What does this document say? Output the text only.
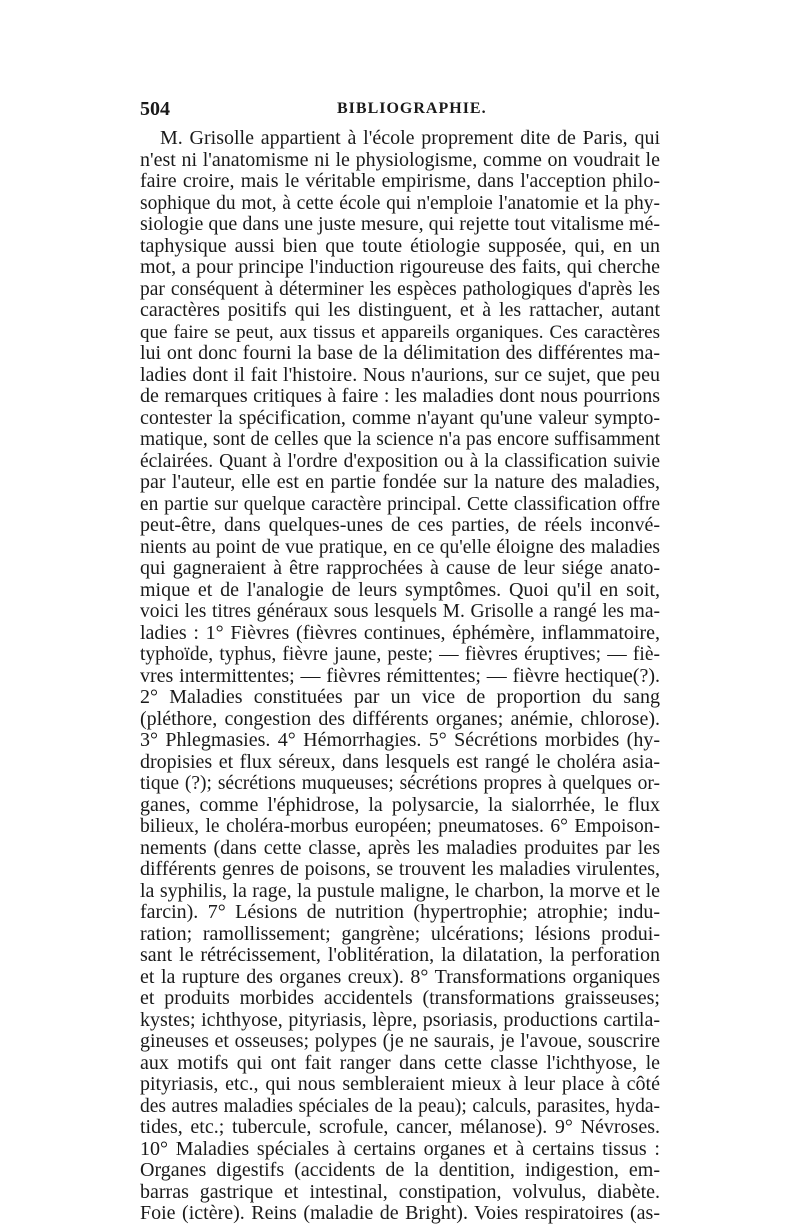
504	BIBLIOGRAPHIE.
M. Grisolle appartient à l'école proprement dite de Paris, qui
n'est ni l'anatomisme ni le physiologisme, comme on voudrait le
faire croire, mais le véritable empirisme, dans l'acception philo-
sophique du mot, à cette école qui n'emploie l'anatomie et la phy-
siologie que dans une juste mesure, qui rejette tout vitalisme mé-
taphysique aussi bien que toute étiologie supposée, qui, en un
mot, a pour principe l'induction rigoureuse des faits, qui cherche
par conséquent à déterminer les espèces pathologiques d'après les
caractères positifs qui les distinguent, et à les rattacher, autant
que faire se peut, aux tissus et appareils organiques. Ces caractères
lui ont donc fourni la base de la délimitation des différentes ma-
ladies dont il fait l'histoire. Nous n'aurions, sur ce sujet, que peu
de remarques critiques à faire : les maladies dont nous pourrions
contester la spécification, comme n'ayant qu'une valeur sympto-
matique, sont de celles que la science n'a pas encore suffisamment
éclairées. Quant à l'ordre d'exposition ou à la classification suivie
par l'auteur, elle est en partie fondée sur la nature des maladies,
en partie sur quelque caractère principal. Cette classification offre
peut-être, dans quelques-unes de ces parties, de réels inconvé-
nients au point de vue pratique, en ce qu'elle éloigne des maladies
qui gagneraient à être rapprochées à cause de leur siége anato-
mique et de l'analogie de leurs symptômes. Quoi qu'il en soit,
voici les titres généraux sous lesquels M. Grisolle a rangé les ma-
ladies : 1° Fièvres (fièvres continues, éphémère, inflammatoire,
typhoïde, typhus, fièvre jaune, peste; — fièvres éruptives; — fiè-
vres intermittentes; — fièvres rémittentes; — fièvre hectique(?).
2° Maladies constituées par un vice de proportion du sang
(pléthore, congestion des différents organes; anémie, chlorose).
3° Phlegmasies. 4° Hémorrhagies. 5° Sécrétions morbides (hy-
dropisies et flux séreux, dans lesquels est rangé le choléra asia-
tique (?); sécrétions muqueuses; sécrétions propres à quelques or-
ganes, comme l'éphidrose, la polysarcie, la sialorrhée, le flux
bilieux, le choléra-morbus européen; pneumatoses. 6° Empoison-
nements (dans cette classe, après les maladies produites par les
différents genres de poisons, se trouvent les maladies virulentes,
la syphilis, la rage, la pustule maligne, le charbon, la morve et le
farcin). 7° Lésions de nutrition (hypertrophie; atrophie; indu-
ration; ramollissement; gangrène; ulcérations; lésions produi-
sant le rétrécissement, l'oblitération, la dilatation, la perforation
et la rupture des organes creux). 8° Transformations organiques
et produits morbides accidentels (transformations graisseuses;
kystes; ichthyose, pityriasis, lèpre, psoriasis, productions cartila-
gineuses et osseuses; polypes (je ne saurais, je l'avoue, souscrire
aux motifs qui ont fait ranger dans cette classe l'ichthyose, le
pityriasis, etc., qui nous sembleraient mieux à leur place à côté
des autres maladies spéciales de la peau); calculs, parasites, hyda-
tides, etc.; tubercule, scrofule, cancer, mélanose). 9° Névroses.
10° Maladies spéciales à certains organes et à certains tissus :
Organes digestifs (accidents de la dentition, indigestion, em-
barras gastrique et intestinal, constipation, volvulus, diabète.
Foie (ictère). Reins (maladie de Bright). Voies respiratoires (as-
